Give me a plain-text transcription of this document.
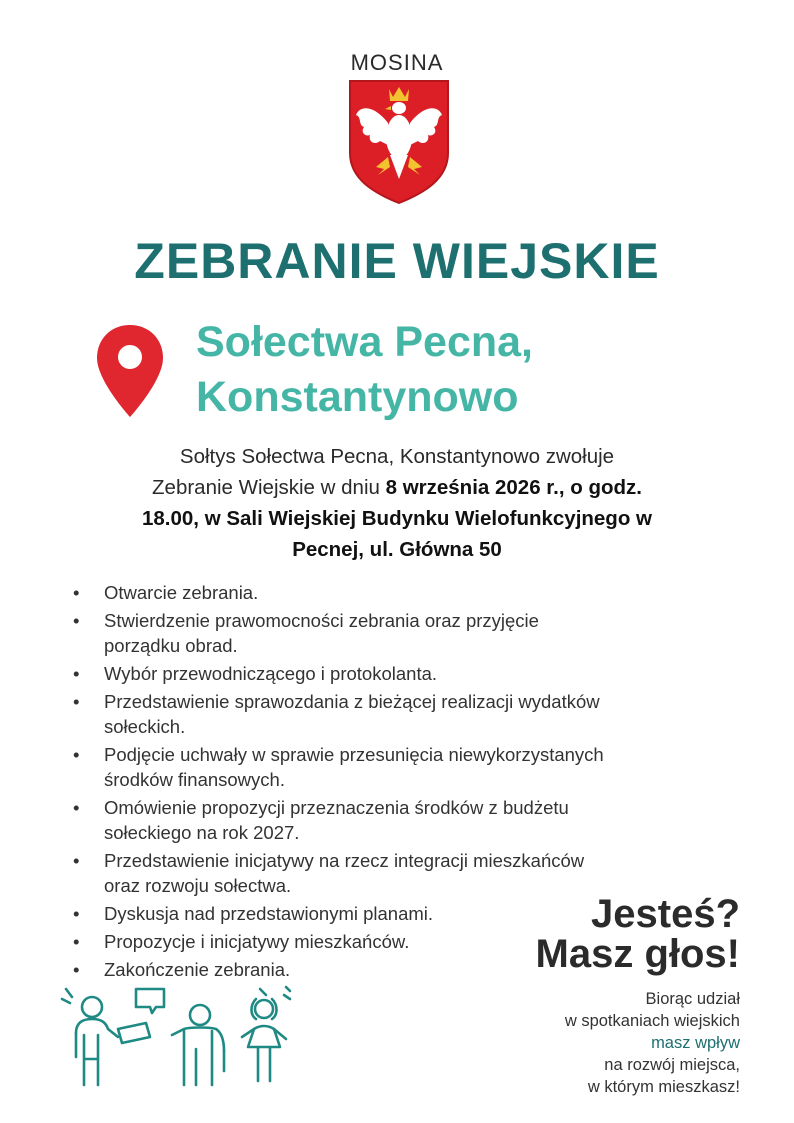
MOSINA
ZEBRANIE WIEJSKIE
Sołectwa Pecna,
Konstantynowo
Sołtys Sołectwa Pecna, Konstantynowo zwołuje
Zebranie Wiejskie w dniu 8 września 2026 r., o godz.
18.00, w Sali Wiejskiej Budynku Wielofunkcyjnego w
Pecnej, ul. Główna 50
• Otwarcie zebrania.
• Stwierdzenie prawomocności zebrania oraz przyjęcie
porządku obrad.
• Wybór przewodniczącego i protokolanta.
• Przedstawienie sprawozdania z bieżącej realizacji wydatków
sołeckich.
• Podjęcie uchwały w sprawie przesunięcia niewykorzystanych
środków finansowych.
• Omówienie propozycji przeznaczenia środków z budżetu
sołeckiego na rok 2027.
• Przedstawienie inicjatywy na rzecz integracji mieszkańców
oraz rozwoju sołectwa.
• Dyskusja nad przedstawionymi planami.
• Propozycje i inicjatywy mieszkańców.
• Zakończenie zebrania.
Jesteś?
Masz głos!
Biorąc udział
w spotkaniach wiejskich
masz wpływ
na rozwój miejsca,
w którym mieszkasz!
